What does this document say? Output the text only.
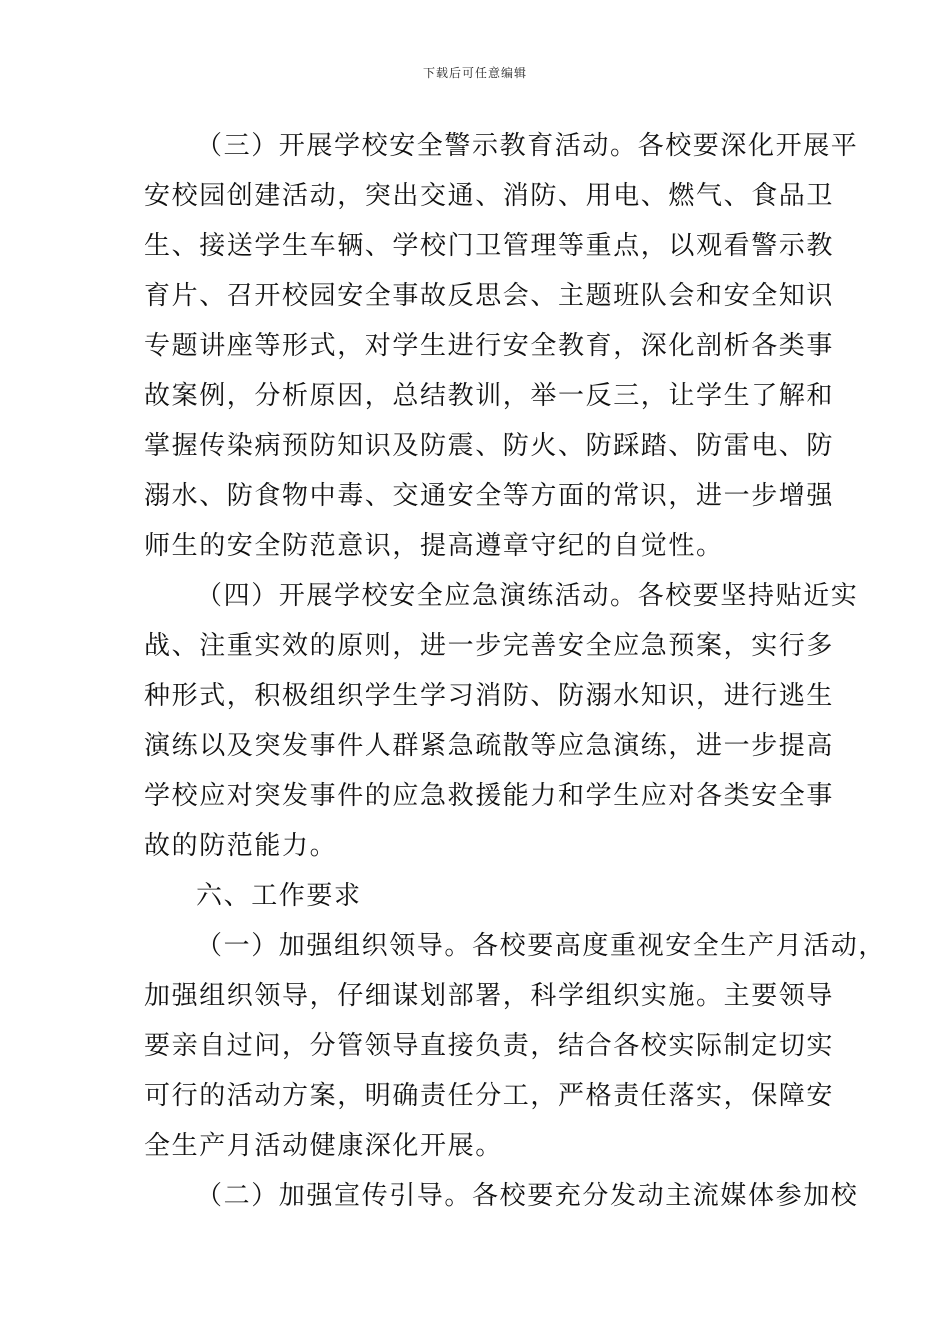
下载后可任意编辑
（三）开展学校安全警示教育活动。各校要深化开展平
安校园创建活动，突出交通、消防、用电、燃气、食品卫
生、接送学生车辆、学校门卫管理等重点，以观看警示教
育片、召开校园安全事故反思会、主题班队会和安全知识
专题讲座等形式，对学生进行安全教育，深化剖析各类事
故案例，分析原因，总结教训，举一反三，让学生了解和
掌握传染病预防知识及防震、防火、防踩踏、防雷电、防
溺水、防食物中毒、交通安全等方面的常识，进一步增强
师生的安全防范意识，提高遵章守纪的自觉性。
（四）开展学校安全应急演练活动。各校要坚持贴近实
战、注重实效的原则，进一步完善安全应急预案，实行多
种形式，积极组织学生学习消防、防溺水知识，进行逃生
演练以及突发事件人群紧急疏散等应急演练，进一步提高
学校应对突发事件的应急救援能力和学生应对各类安全事
故的防范能力。
六、工作要求
（一）加强组织领导。各校要高度重视安全生产月活动，
加强组织领导，仔细谋划部署，科学组织实施。主要领导
要亲自过问，分管领导直接负责，结合各校实际制定切实
可行的活动方案，明确责任分工，严格责任落实，保障安
全生产月活动健康深化开展。
（二）加强宣传引导。各校要充分发动主流媒体参加校
